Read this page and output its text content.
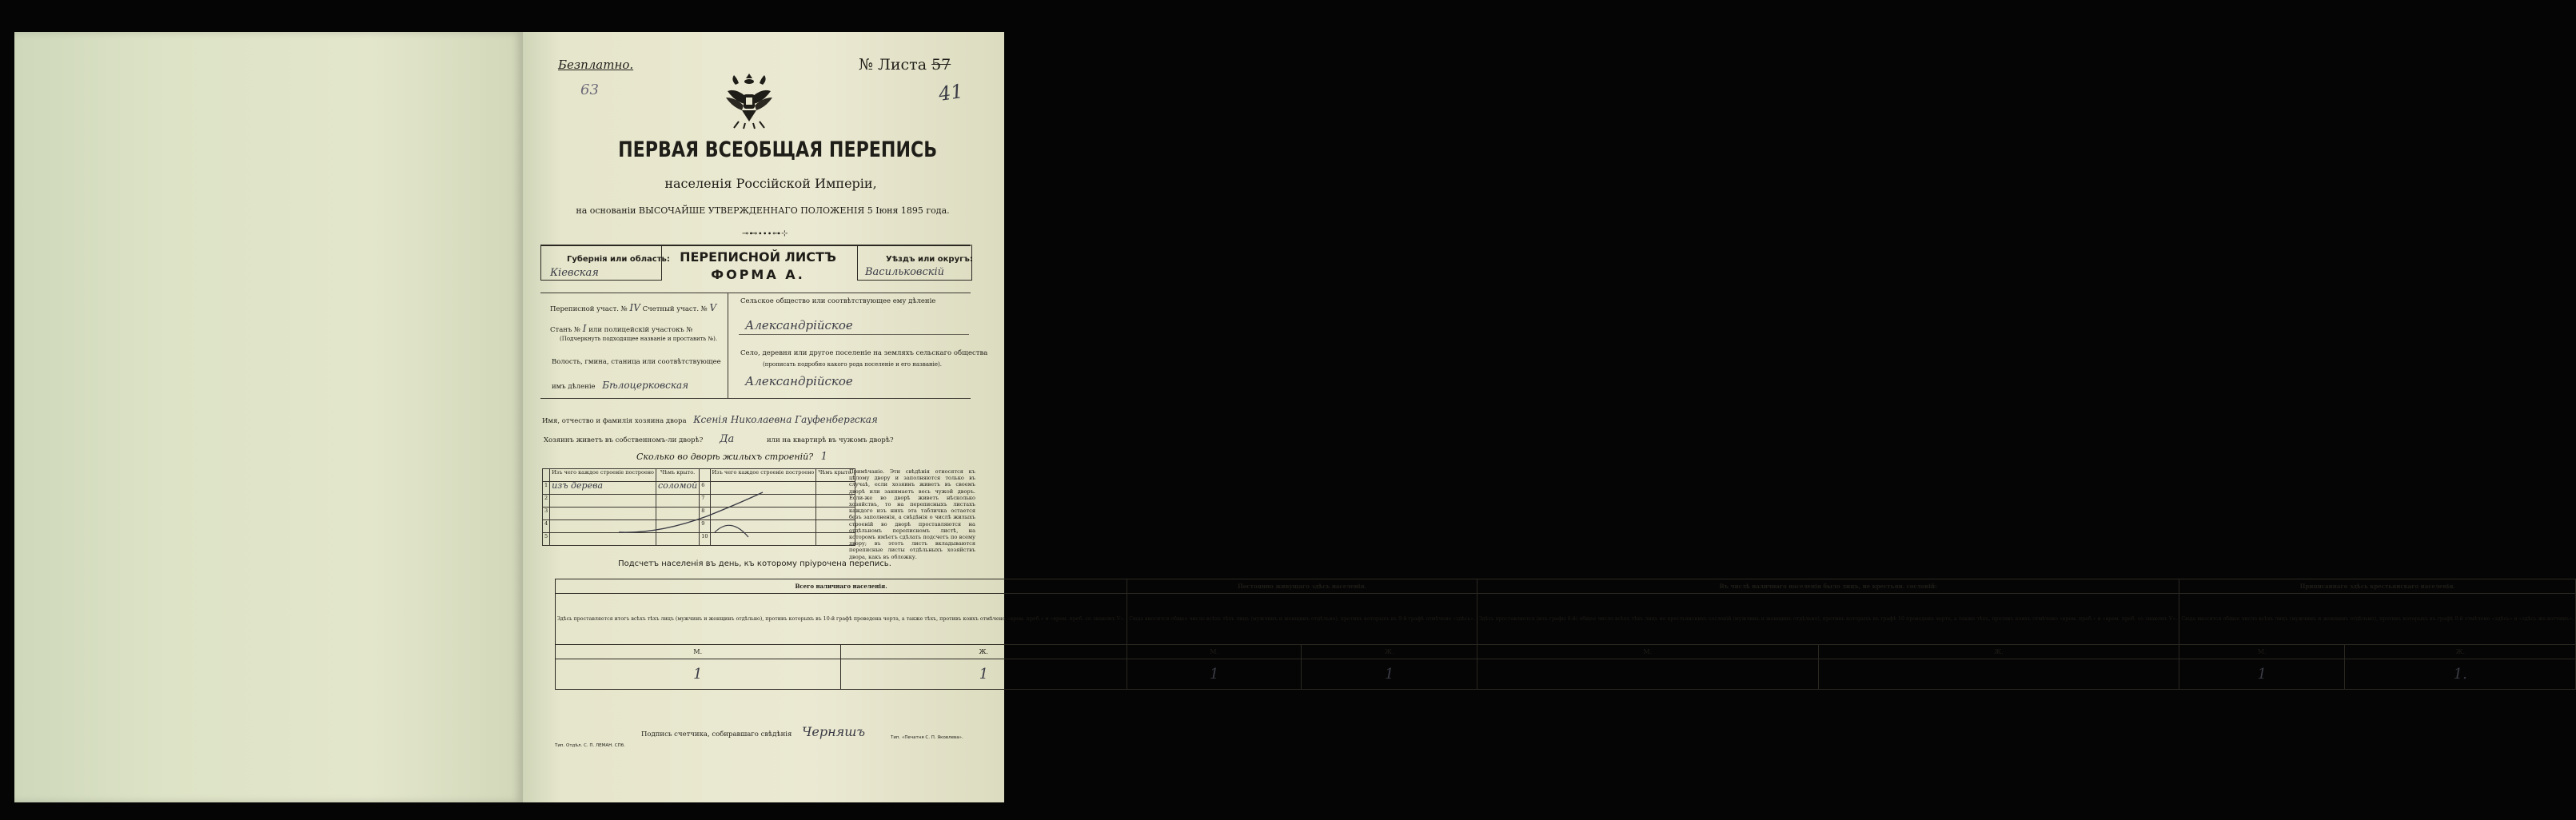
Безплатно.
63
№ Листа 57
41
ПЕРВАЯ ВСЕОБЩАЯ ПЕРЕПИСЬ
населенія Россійской Имперіи,
на основаніи ВЫСОЧАЙШЕ УТВЕРЖДЕННАГО ПОЛОЖЕНІЯ 5 Іюня 1895 года.
⊸⊷∙∙∙⊶⊹
Губернія или область:
Кіевская
ПЕРЕПИСНОЙ ЛИСТЪ
ФОРМА А.
Уѣздъ или округъ:
Васильковскій
Переписной участ. № IV Счетный участ. № V
Станъ № I или полицейскій участокъ №
(Подчеркнуть подходящее названіе и проставить №).
Волость, гмина, станица или соотвѣтствующее
имъ дѣленіе Бѣлоцерковская
Сельское общество или соотвѣтствующее ему дѣленіе
Александрійское
Село, деревня или другое поселеніе на земляхъ сельскаго общества
(прописать подробно какого рода поселеніе и его названіе).
Александрійское
Имя, отчество и фамилія хозяина двора Ксенія Николаевна Гауфенбергская
Хозяинъ живетъ въ собственномъ-ли дворѣ? Да	или на квартирѣ въ чужомъ дворѣ?
Сколько во дворѣ жилыхъ строеній? 1
	Изъ чего каждое строеніе построено	Чѣмъ крыто.		Изъ чего каждое строеніе построено	Чѣмъ крыто.
1	изъ дерева	соломой	6		
2			7		
3			8		
4			9		
5			10		
Примѣчаніе. Эти свѣдѣнія относятся къ цѣлому двору и заполняются только въ случаѣ, если хозяинъ живетъ въ своемъ дворѣ или занимаетъ весь чужой дворъ. Если-же во дворѣ живетъ нѣсколько хозяйствъ, то на переписныхъ листахъ каждого изъ нихъ эта табличка остается безъ заполненія, а свѣдѣнія о числѣ жилыхъ строеній во дворѣ проставляются на отдѣльномъ переписномъ листѣ, на которомъ имѣетъ сдѣлать подсчетъ по всему двору; въ этотъ листъ вкладываются переписные листы отдѣльныхъ хозяйствъ двора, какъ въ обложку.
Подсчетъ населенія въ день, къ которому пріурочена перепись.
Всего наличнаго населенія.		Постоянно живущаго здѣсь населенія.		Въ числѣ наличнаго населенія было лицъ, не крестьян. сословій:		Приписаннаго здѣсь крестьянскаго населенія.	
Здѣсь проставляется итогъ всѣхъ тѣхъ лицъ (мужчинъ и женщинъ отдѣльно), противъ которыхъ въ 10-й графѣ проведена черта, а также тѣхъ, противъ коихъ отмѣчено «врем. преб.» и «врем. преб. со знакомъ V».		Сюда вносится общее число всѣхъ тѣхъ лицъ (мужчинъ и женщинъ отдѣльно), противъ которыхъ въ 9-й графѣ отмѣчено «здѣсь».		Здѣсь проставляется (изъ графы 6-й) общее число всѣхъ тѣхъ лицъ не крестьянскихъ сословій (мужчинъ и женщинъ отдѣльно), противъ которыхъ въ графѣ 10 проведена черта, а также тѣхъ, противъ коихъ отмѣчено «врем. преб.» и «врем. преб. со знакомъ V».		Сюда вносится общее число всѣхъ лицъ (мужчинъ и женщинъ отдѣльно), противъ которыхъ въ графѣ 8-й отмѣчено «здѣсь» и «здѣсь же вотчинъ».	
М.	Ж.	М.	Ж.	М.	Ж.	М.	Ж.
1	1	1	1			1	1.
Подпись счетчика, собиравшаго свѣдѣнія Черняшъ
Тип. Отдѣл. С. П. ЛЕМАН. СПб.
Тип. «Печатня С. П. Яковлева».
